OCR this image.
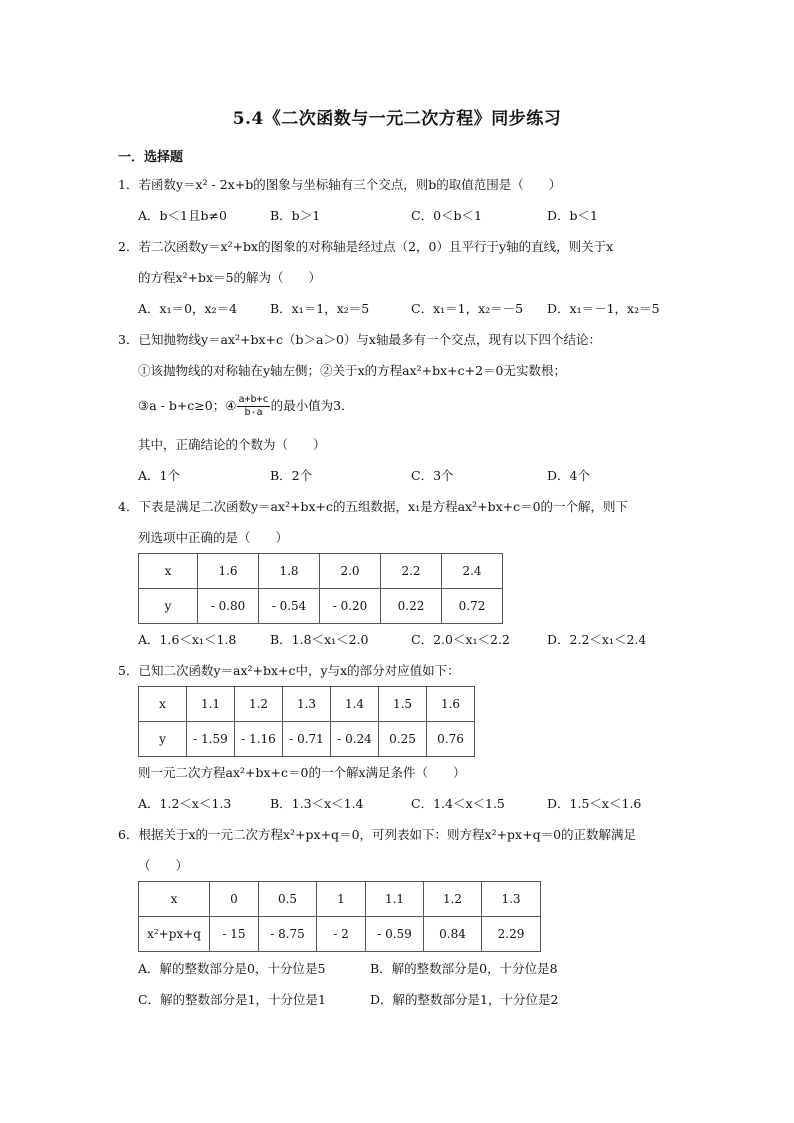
5.4《二次函数与一元二次方程》同步练习
一．选择题
1．若函数y＝x² - 2x+b的图象与坐标轴有三个交点，则b的取值范围是（　　）
A．b＜1且b≠0	B．b＞1	C．0＜b＜1	D．b＜1
2．若二次函数y＝x²+bx的图象的对称轴是经过点（2，0）且平行于y轴的直线，则关于x
的方程x²+bx＝5的解为（　　）
A．x₁＝0，x₂＝4	B．x₁＝1，x₂＝5	C．x₁＝1，x₂＝－5 D．x₁＝－1，x₂＝5
3．已知抛物线y＝ax²+bx+c（b＞a＞0）与x轴最多有一个交点，现有以下四个结论：
①该抛物线的对称轴在y轴左侧；②关于x的方程ax²+bx+c+2＝0无实数根；
③a - b+c≥0；④ $\frac{a+b+c}{b-a}$ 的最小值为3．
其中，正确结论的个数为（　　）
A．1个	B．2个	C．3个	D．4个
4．下表是满足二次函数y＝ax²+bx+c的五组数据，x₁是方程ax²+bx+c＝0的一个解，则下
列选项中正确的是（　　）
x	1.6	1.8	2.0	2.2	2.4
y	- 0.80	- 0.54	- 0.20	0.22	0.72
A．1.6＜x₁＜1.8	B．1.8＜x₁＜2.0	C．2.0＜x₁＜2.2	D．2.2＜x₁＜2.4
5．已知二次函数y＝ax²+bx+c中，y与x的部分对应值如下：
x	1.1	1.2	1.3	1.4	1.5	1.6
y	- 1.59	- 1.16	- 0.71	- 0.24	0.25	0.76
则一元二次方程ax²+bx+c＝0的一个解x满足条件（　　）
A．1.2＜x＜1.3	B．1.3＜x＜1.4	C．1.4＜x＜1.5	D．1.5＜x＜1.6
6．根据关于x的一元二次方程x²+px+q＝0，可列表如下：则方程x²+px+q＝0的正数解满足
（　　）
x	0	0.5	1	1.1	1.2	1.3
x²+px+q	- 15	- 8.75	- 2	- 0.59	0.84	2.29
A．解的整数部分是0，十分位是5	B．解的整数部分是0，十分位是8
C．解的整数部分是1，十分位是1	D．解的整数部分是1，十分位是2
